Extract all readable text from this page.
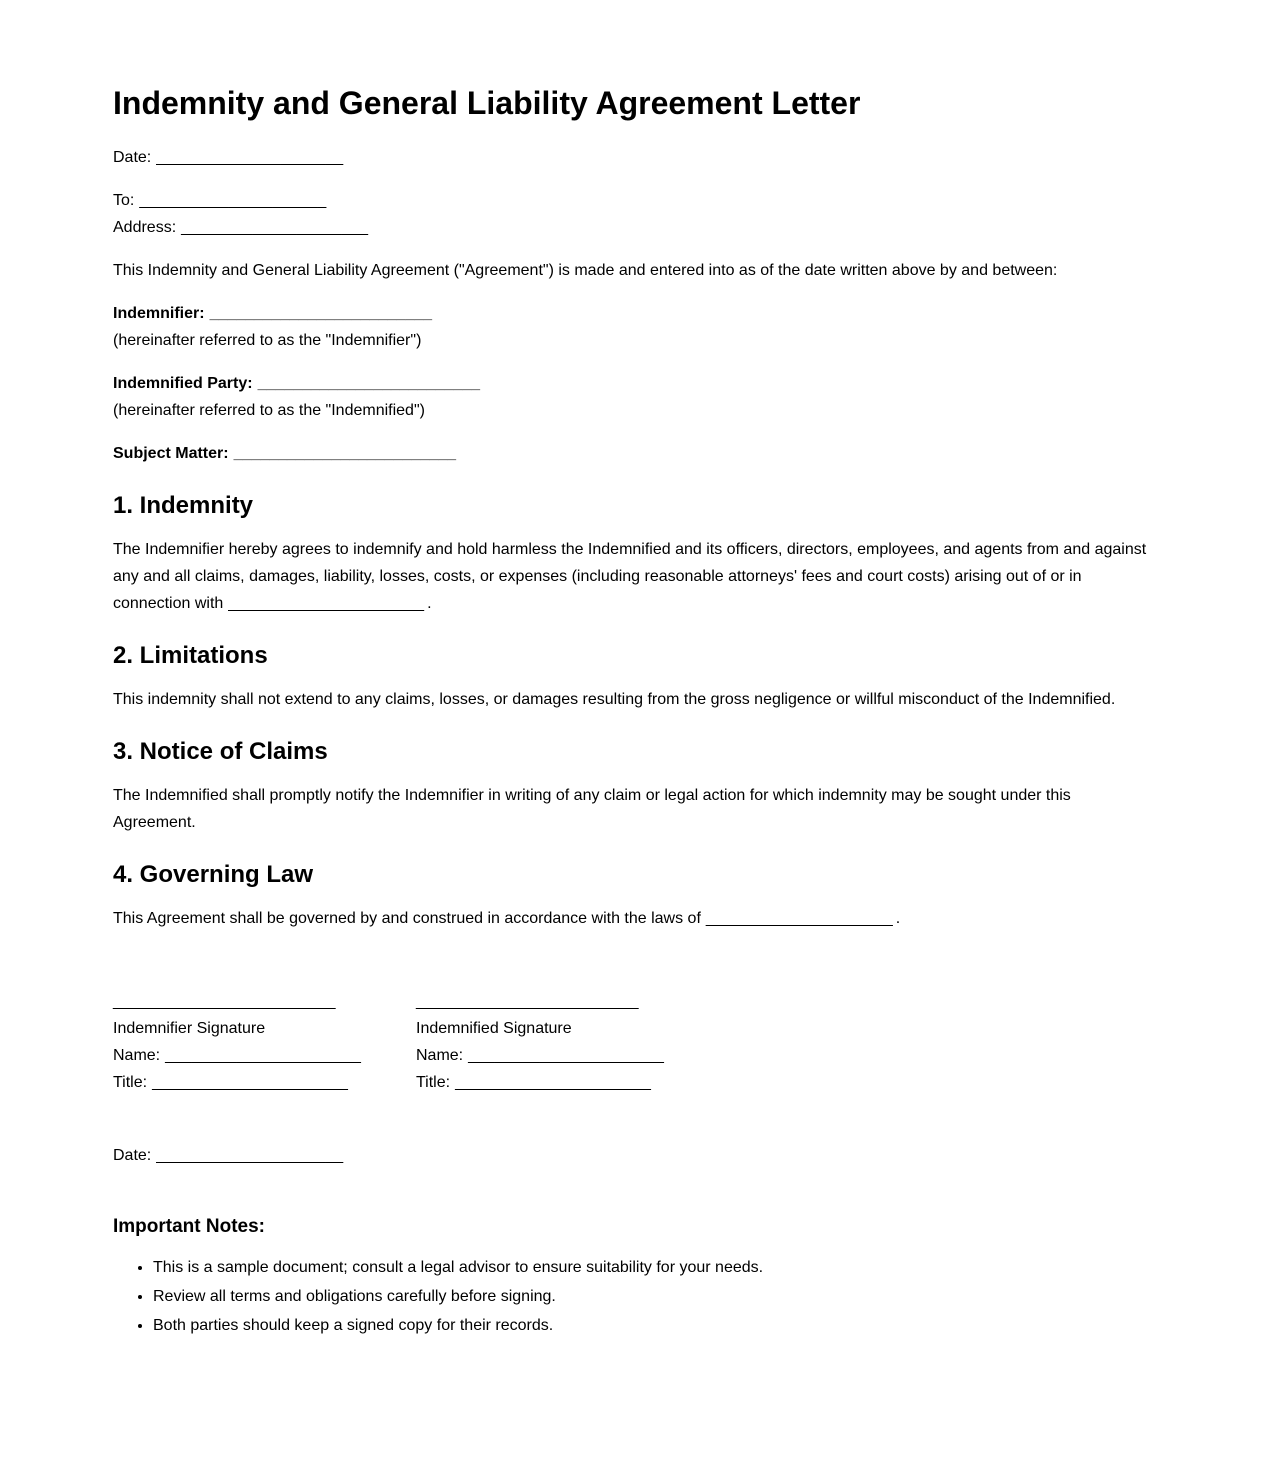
Indemnity and General Liability Agreement Letter

Date: _____________________

To: _____________________
Address: _____________________

This Indemnity and General Liability Agreement ("Agreement") is made and entered into as of the date written above by and between:

Indemnifier: _________________________
(hereinafter referred to as the "Indemnifier")

Indemnified Party: _________________________
(hereinafter referred to as the "Indemnified")

Subject Matter: _________________________

1. Indemnity

The Indemnifier hereby agrees to indemnify and hold harmless the Indemnified and its officers, directors, employees, and agents from and against any and all claims, damages, liability, losses, costs, or expenses (including reasonable attorneys' fees and court costs) arising out of or in connection with ______________________ .

2. Limitations

This indemnity shall not extend to any claims, losses, or damages resulting from the gross negligence or willful misconduct of the Indemnified.

3. Notice of Claims

The Indemnified shall promptly notify the Indemnifier in writing of any claim or legal action for which indemnity may be sought under this Agreement.

4. Governing Law

This Agreement shall be governed by and construed in accordance with the laws of _____________________ .

_________________________
Indemnifier Signature
Name: ______________________
Title: ______________________
_________________________
Indemnified Signature
Name: ______________________
Title: ______________________

Date: _____________________

Important Notes:
• This is a sample document; consult a legal advisor to ensure suitability for your needs.
• Review all terms and obligations carefully before signing.
• Both parties should keep a signed copy for their records.
